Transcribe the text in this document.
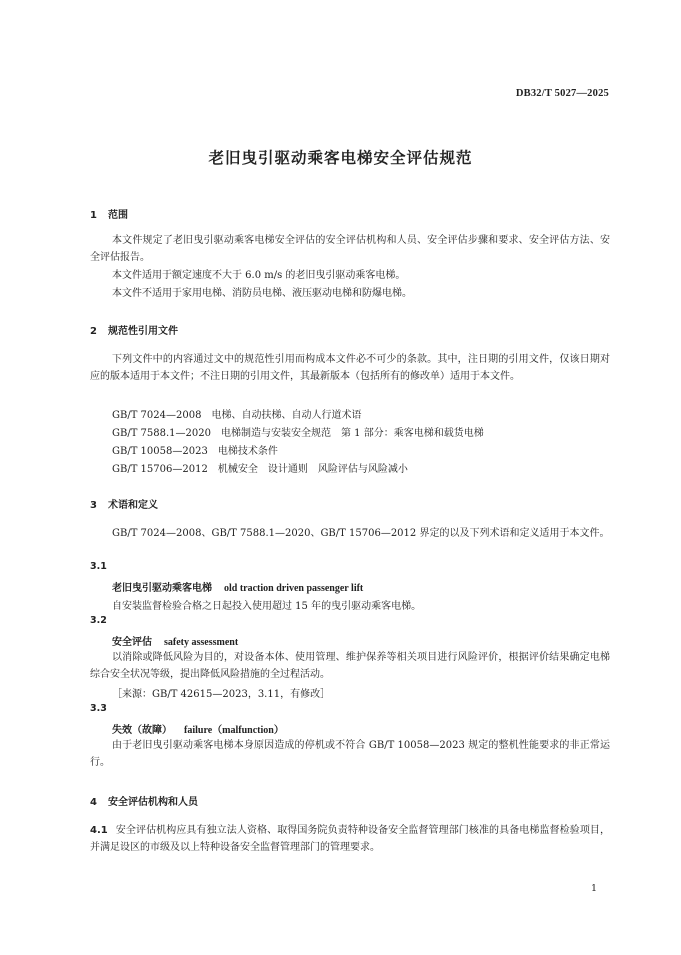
DB32/T 5027—2025
老旧曳引驱动乘客电梯安全评估规范
1 范围
本文件规定了老旧曳引驱动乘客电梯安全评估的安全评估机构和人员、安全评估步骤和要求、安全评估方法、安全评估报告。
本文件适用于额定速度不大于 6.0 m/s 的老旧曳引驱动乘客电梯。
本文件不适用于家用电梯、消防员电梯、液压驱动电梯和防爆电梯。
2 规范性引用文件
下列文件中的内容通过文中的规范性引用而构成本文件必不可少的条款。其中，注日期的引用文件，仅该日期对应的版本适用于本文件；不注日期的引用文件，其最新版本（包括所有的修改单）适用于本文件。
GB/T 7024—2008　电梯、自动扶梯、自动人行道术语
GB/T 7588.1—2020　电梯制造与安装安全规范　第 1 部分：乘客电梯和载货电梯
GB/T 10058—2023　电梯技术条件
GB/T 15706—2012　机械安全　设计通则　风险评估与风险减小
3 术语和定义
GB/T 7024—2008、GB/T 7588.1—2020、GB/T 15706—2012 界定的以及下列术语和定义适用于本文件。
3.1
老旧曳引驱动乘客电梯 old traction driven passenger lift
自安装监督检验合格之日起投入使用超过 15 年的曳引驱动乘客电梯。
3.2
安全评估 safety assessment
以消除或降低风险为目的，对设备本体、使用管理、维护保养等相关项目进行风险评价，根据评价结果确定电梯综合安全状况等级，提出降低风险措施的全过程活动。
［来源：GB/T 42615—2023，3.11，有修改］
3.3
失效（故障） failure（malfunction）
由于老旧曳引驱动乘客电梯本身原因造成的停机或不符合 GB/T 10058—2023 规定的整机性能要求的非正常运行。
4 安全评估机构和人员
4.1 安全评估机构应具有独立法人资格、取得国务院负责特种设备安全监督管理部门核准的具备电梯监督检验项目，并满足设区的市级及以上特种设备安全监督管理部门的管理要求。
1
